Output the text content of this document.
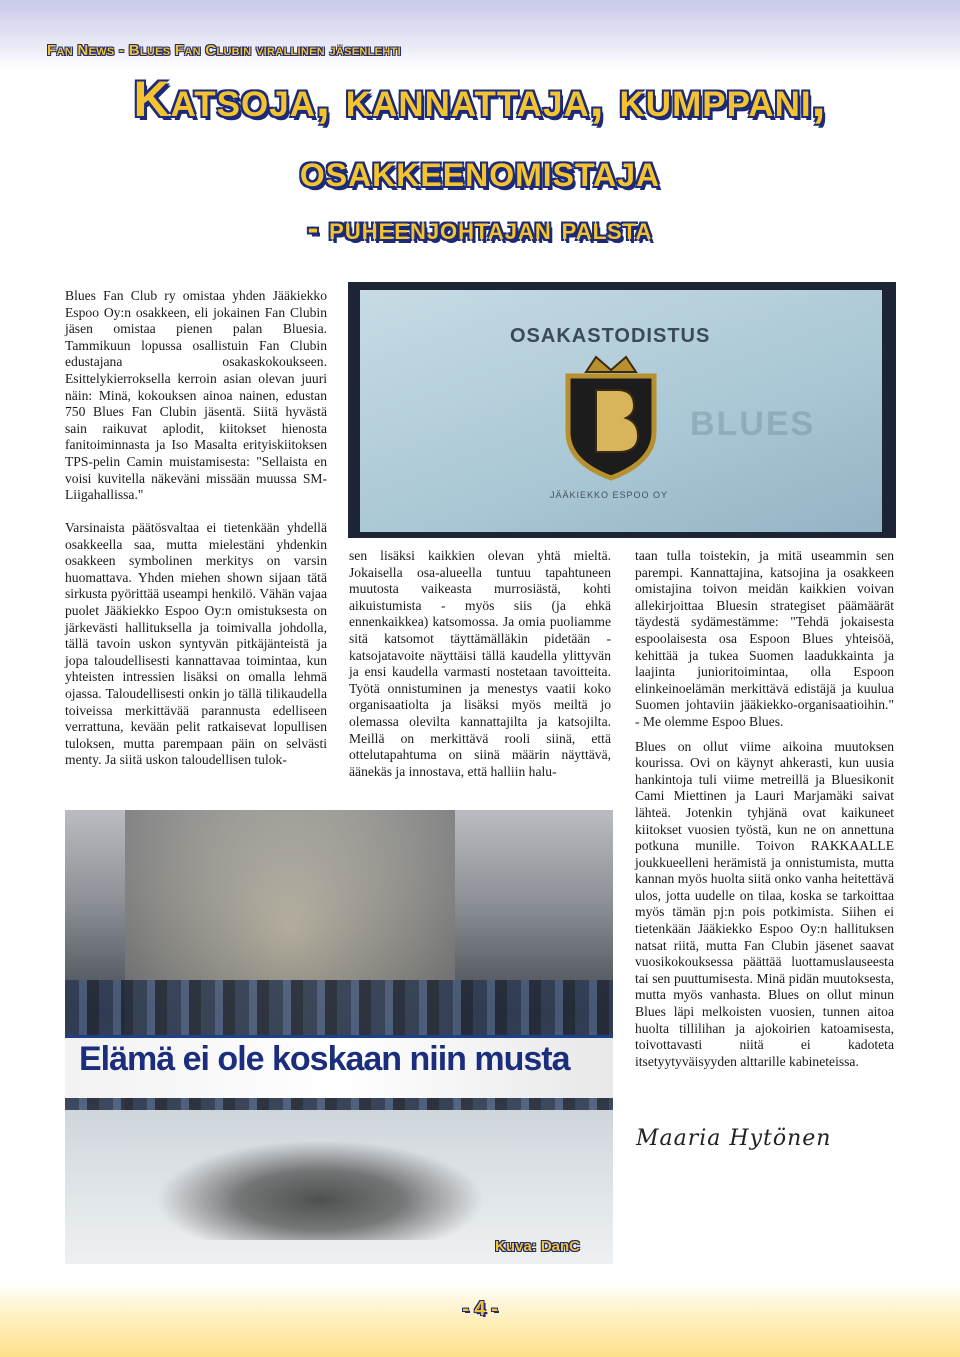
Fan News - Blues Fan Clubin virallinen jäsenlehti
Katsoja, kannattaja, kumppani,
osakkeenomistaja
- puheenjohtajan palsta

Blues Fan Club ry omistaa yhden Jääkiekko Espoo Oy:n osakkeen, eli jokainen Fan Clubin jäsen omistaa pienen palan Bluesia. Tammikuun lopussa osallistuin Fan Clubin edustajana osakaskokoukseen. Esittelykierroksella kerroin asian olevan juuri näin: Minä, kokouksen ainoa nainen, edustan 750 Blues Fan Clubin jäsentä. Siitä hyvästä sain raikuvat aplodit, kiitokset hienosta fanitoiminnasta ja Iso Masalta erityiskiitoksen TPS-pelin Camin muistamisesta: "Sellaista en voisi kuvitella näkeväni missään muussa SM-Liigahallissa."

Varsinaista päätösvaltaa ei tietenkään yhdellä osakkeella saa, mutta mielestäni yhdenkin osakkeen symbolinen merkitys on varsin huomattava. Yhden miehen shown sijaan tätä sirkusta pyörittää useampi henkilö. Vähän vajaa puolet Jääkiekko Espoo Oy:n omistuksesta on järkevästi hallituksella ja toimivalla johdolla, tällä tavoin uskon syntyvän pitkäjänteistä ja jopa taloudellisesti kannattavaa toimintaa, kun yhteisten intressien lisäksi on omalla lehmä ojassa. Taloudellisesti onkin jo tällä tilikaudella toiveissa merkittävää parannusta edelliseen verrattuna, kevään pelit ratkaisevat lopullisen tuloksen, mutta parempaan päin on selvästi menty. Ja siitä uskon taloudellisen tulok-

OSAKASTODISTUS
BLUES
JÄÄKIEKKO ESPOO OY

sen lisäksi kaikkien olevan yhtä mieltä. Jokaisella osa-alueella tuntuu tapahtuneen muutosta vaikeasta murrosiästä, kohti aikuistumista - myös siis (ja ehkä ennenkaikkea) katsomossa. Ja omia puoliamme sitä katsomot täyttämälläkin pidetään - katsojatavoite näyttäisi tällä kaudella ylittyvän ja ensi kaudella varmasti nostetaan tavoitteita. Työtä onnistuminen ja menestys vaatii koko organisaatiolta ja lisäksi myös meiltä jo olemassa olevilta kannattajilta ja katsojilta. Meillä on merkittävä rooli siinä, että ottelutapahtuma on siinä määrin näyttävä, äänekäs ja innostava, että halliin halu-

taan tulla toistekin, ja mitä useammin sen parempi. Kannattajina, katsojina ja osakkeen omistajina toivon meidän kaikkien voivan allekirjoittaa Bluesin strategiset päämäärät täydestä sydämestämme: "Tehdä jokaisesta espoolaisesta osa Espoon Blues yhteisöä, kehittää ja tukea Suomen laadukkainta ja laajinta junioritoimintaa, olla Espoon elinkeinoelämän merkittävä edistäjä ja kuulua Suomen johtaviin jääkiekko-organisaatioihin." - Me olemme Espoo Blues.

Blues on ollut viime aikoina muutoksen kourissa. Ovi on käynyt ahkerasti, kun uusia hankintoja tuli viime metreillä ja Bluesikonit Cami Miettinen ja Lauri Marjamäki saivat lähteä. Jotenkin tyhjänä ovat kaikuneet kiitokset vuosien työstä, kun ne on annettuna potkuna munille. Toivon RAKKAALLE joukkueelleni herämistä ja onnistumista, mutta kannan myös huolta siitä onko vanha heitettävä ulos, jotta uudelle on tilaa, koska se tarkoittaa myös tämän pj:n pois potkimista. Siihen ei tietenkään Jääkiekko Espoo Oy:n hallituksen natsat riitä, mutta Fan Clubin jäsenet saavat vuosikokouksessa päättää luottamuslauseesta tai sen puuttumisesta. Minä pidän muutoksesta, mutta myös vanhasta. Blues on ollut minun Blues läpi melkoisten vuosien, tunnen aitoa huolta tillilihan ja ajokoirien katoamisesta, toivottavasti niitä ei kadoteta itsetyytyväisyyden alttarille kabineteissa.

Elämä ei ole koskaan niin musta
Kuva: DanC
Maaria Hytönen
- 4 -
